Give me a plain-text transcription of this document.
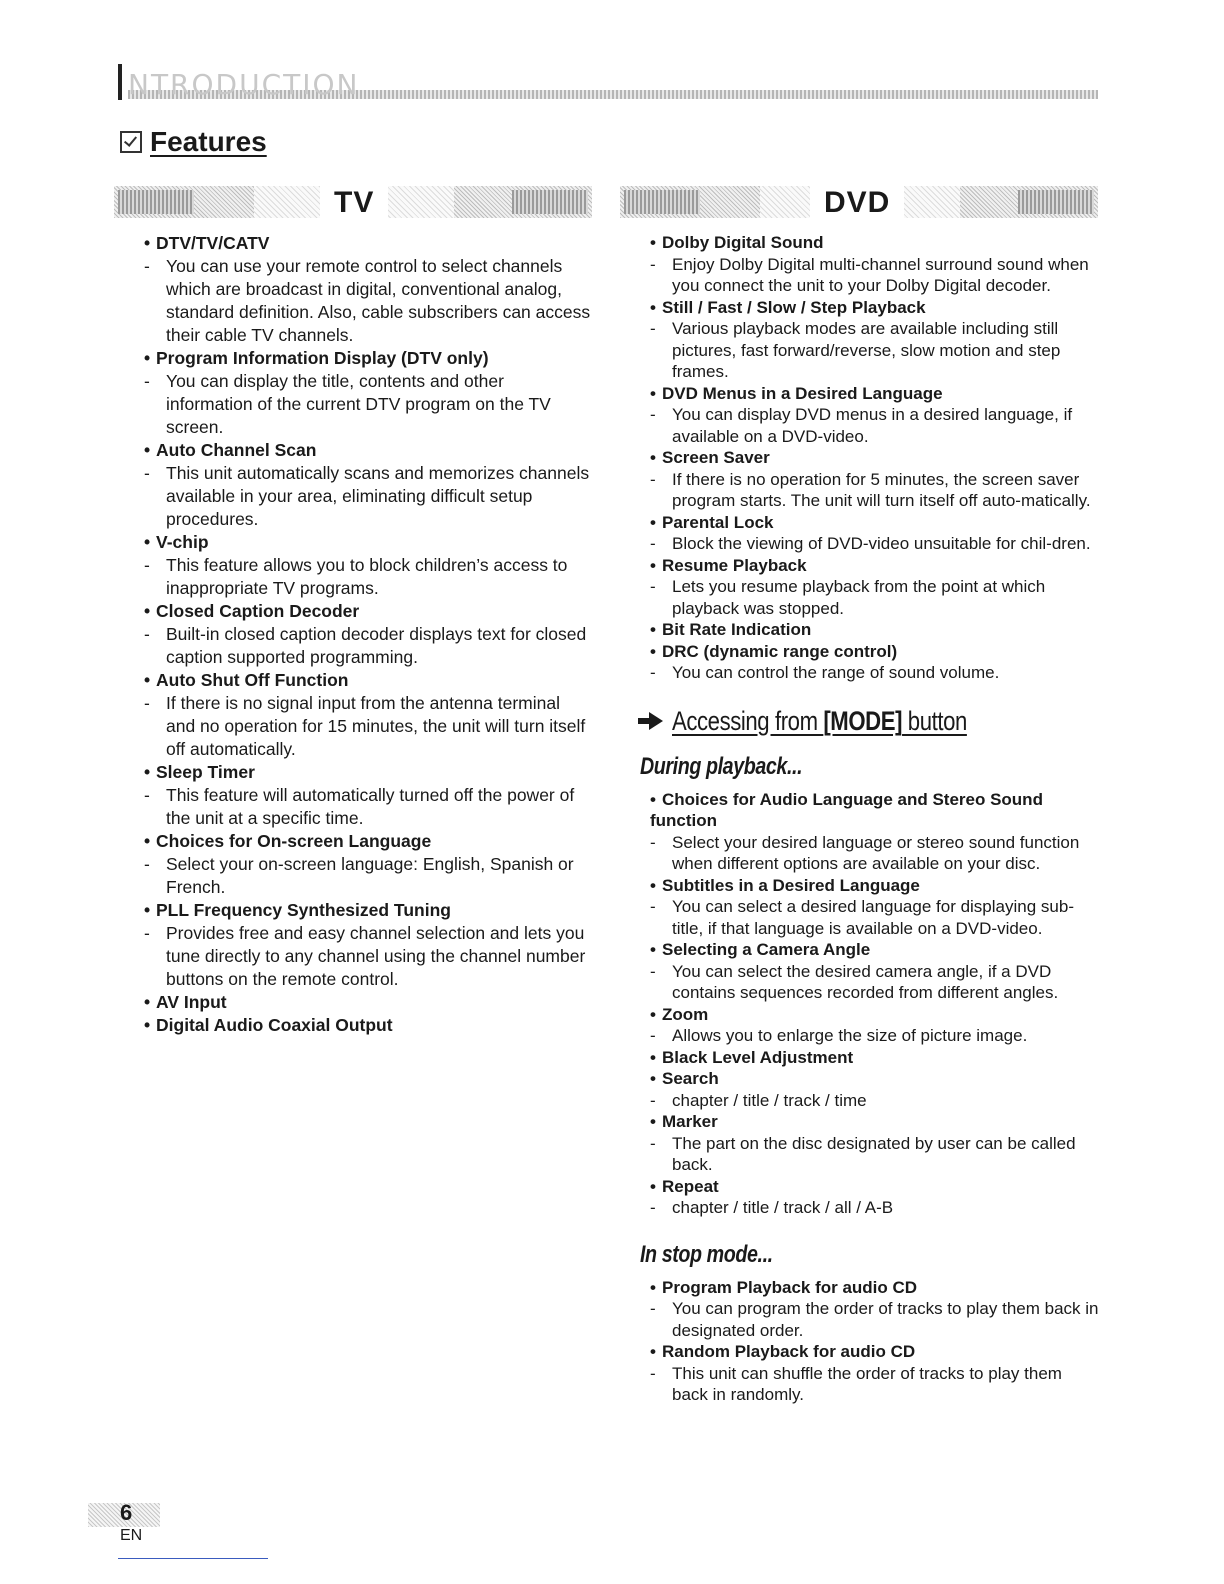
NTRODUCTION
Features
TV	DVD
• DTV/TV/CATV
- You can use your remote control to select channels which are broadcast in digital, conventional analog, standard definition. Also, cable subscribers can access their cable TV channels.
• Program Information Display (DTV only)
- You can display the title, contents and other information of the current DTV program on the TV screen.
• Auto Channel Scan
- This unit automatically scans and memorizes channels available in your area, eliminating difficult setup procedures.
• V-chip
- This feature allows you to block children’s access to inappropriate TV programs.
• Closed Caption Decoder
- Built-in closed caption decoder displays text for closed caption supported programming.
• Auto Shut Off Function
- If there is no signal input from the antenna terminal and no operation for 15 minutes, the unit will turn itself off automatically.
• Sleep Timer
- This feature will automatically turned off the power of the unit at a specific time.
• Choices for On-screen Language
- Select your on-screen language: English, Spanish or French.
• PLL Frequency Synthesized Tuning
- Provides free and easy channel selection and lets you tune directly to any channel using the channel number buttons on the remote control.
• AV Input
• Digital Audio Coaxial Output
• Dolby Digital Sound
- Enjoy Dolby Digital multi-channel surround sound when you connect the unit to your Dolby Digital decoder.
• Still / Fast / Slow / Step Playback
- Various playback modes are available including still pictures, fast forward/reverse, slow motion and step frames.
• DVD Menus in a Desired Language
- You can display DVD menus in a desired language, if available on a DVD-video.
• Screen Saver
- If there is no operation for 5 minutes, the screen saver program starts. The unit will turn itself off auto-matically.
• Parental Lock
- Block the viewing of DVD-video unsuitable for chil-dren.
• Resume Playback
- Lets you resume playback from the point at which playback was stopped.
• Bit Rate Indication
• DRC (dynamic range control)
- You can control the range of sound volume.
Accessing from [MODE] button
During playback...
• Choices for Audio Language and Stereo Sound function
- Select your desired language or stereo sound function when different options are available on your disc.
• Subtitles in a Desired Language
- You can select a desired language for displaying sub-title, if that language is available on a DVD-video.
• Selecting a Camera Angle
- You can select the desired camera angle, if a DVD contains sequences recorded from different angles.
• Zoom
- Allows you to enlarge the size of picture image.
• Black Level Adjustment
• Search
- chapter / title / track / time
• Marker
- The part on the disc designated by user can be called back.
• Repeat
- chapter / title / track / all / A-B
In stop mode...
• Program Playback for audio CD
- You can program the order of tracks to play them back in designated order.
• Random Playback for audio CD
- This unit can shuffle the order of tracks to play them back in randomly.
6
EN
